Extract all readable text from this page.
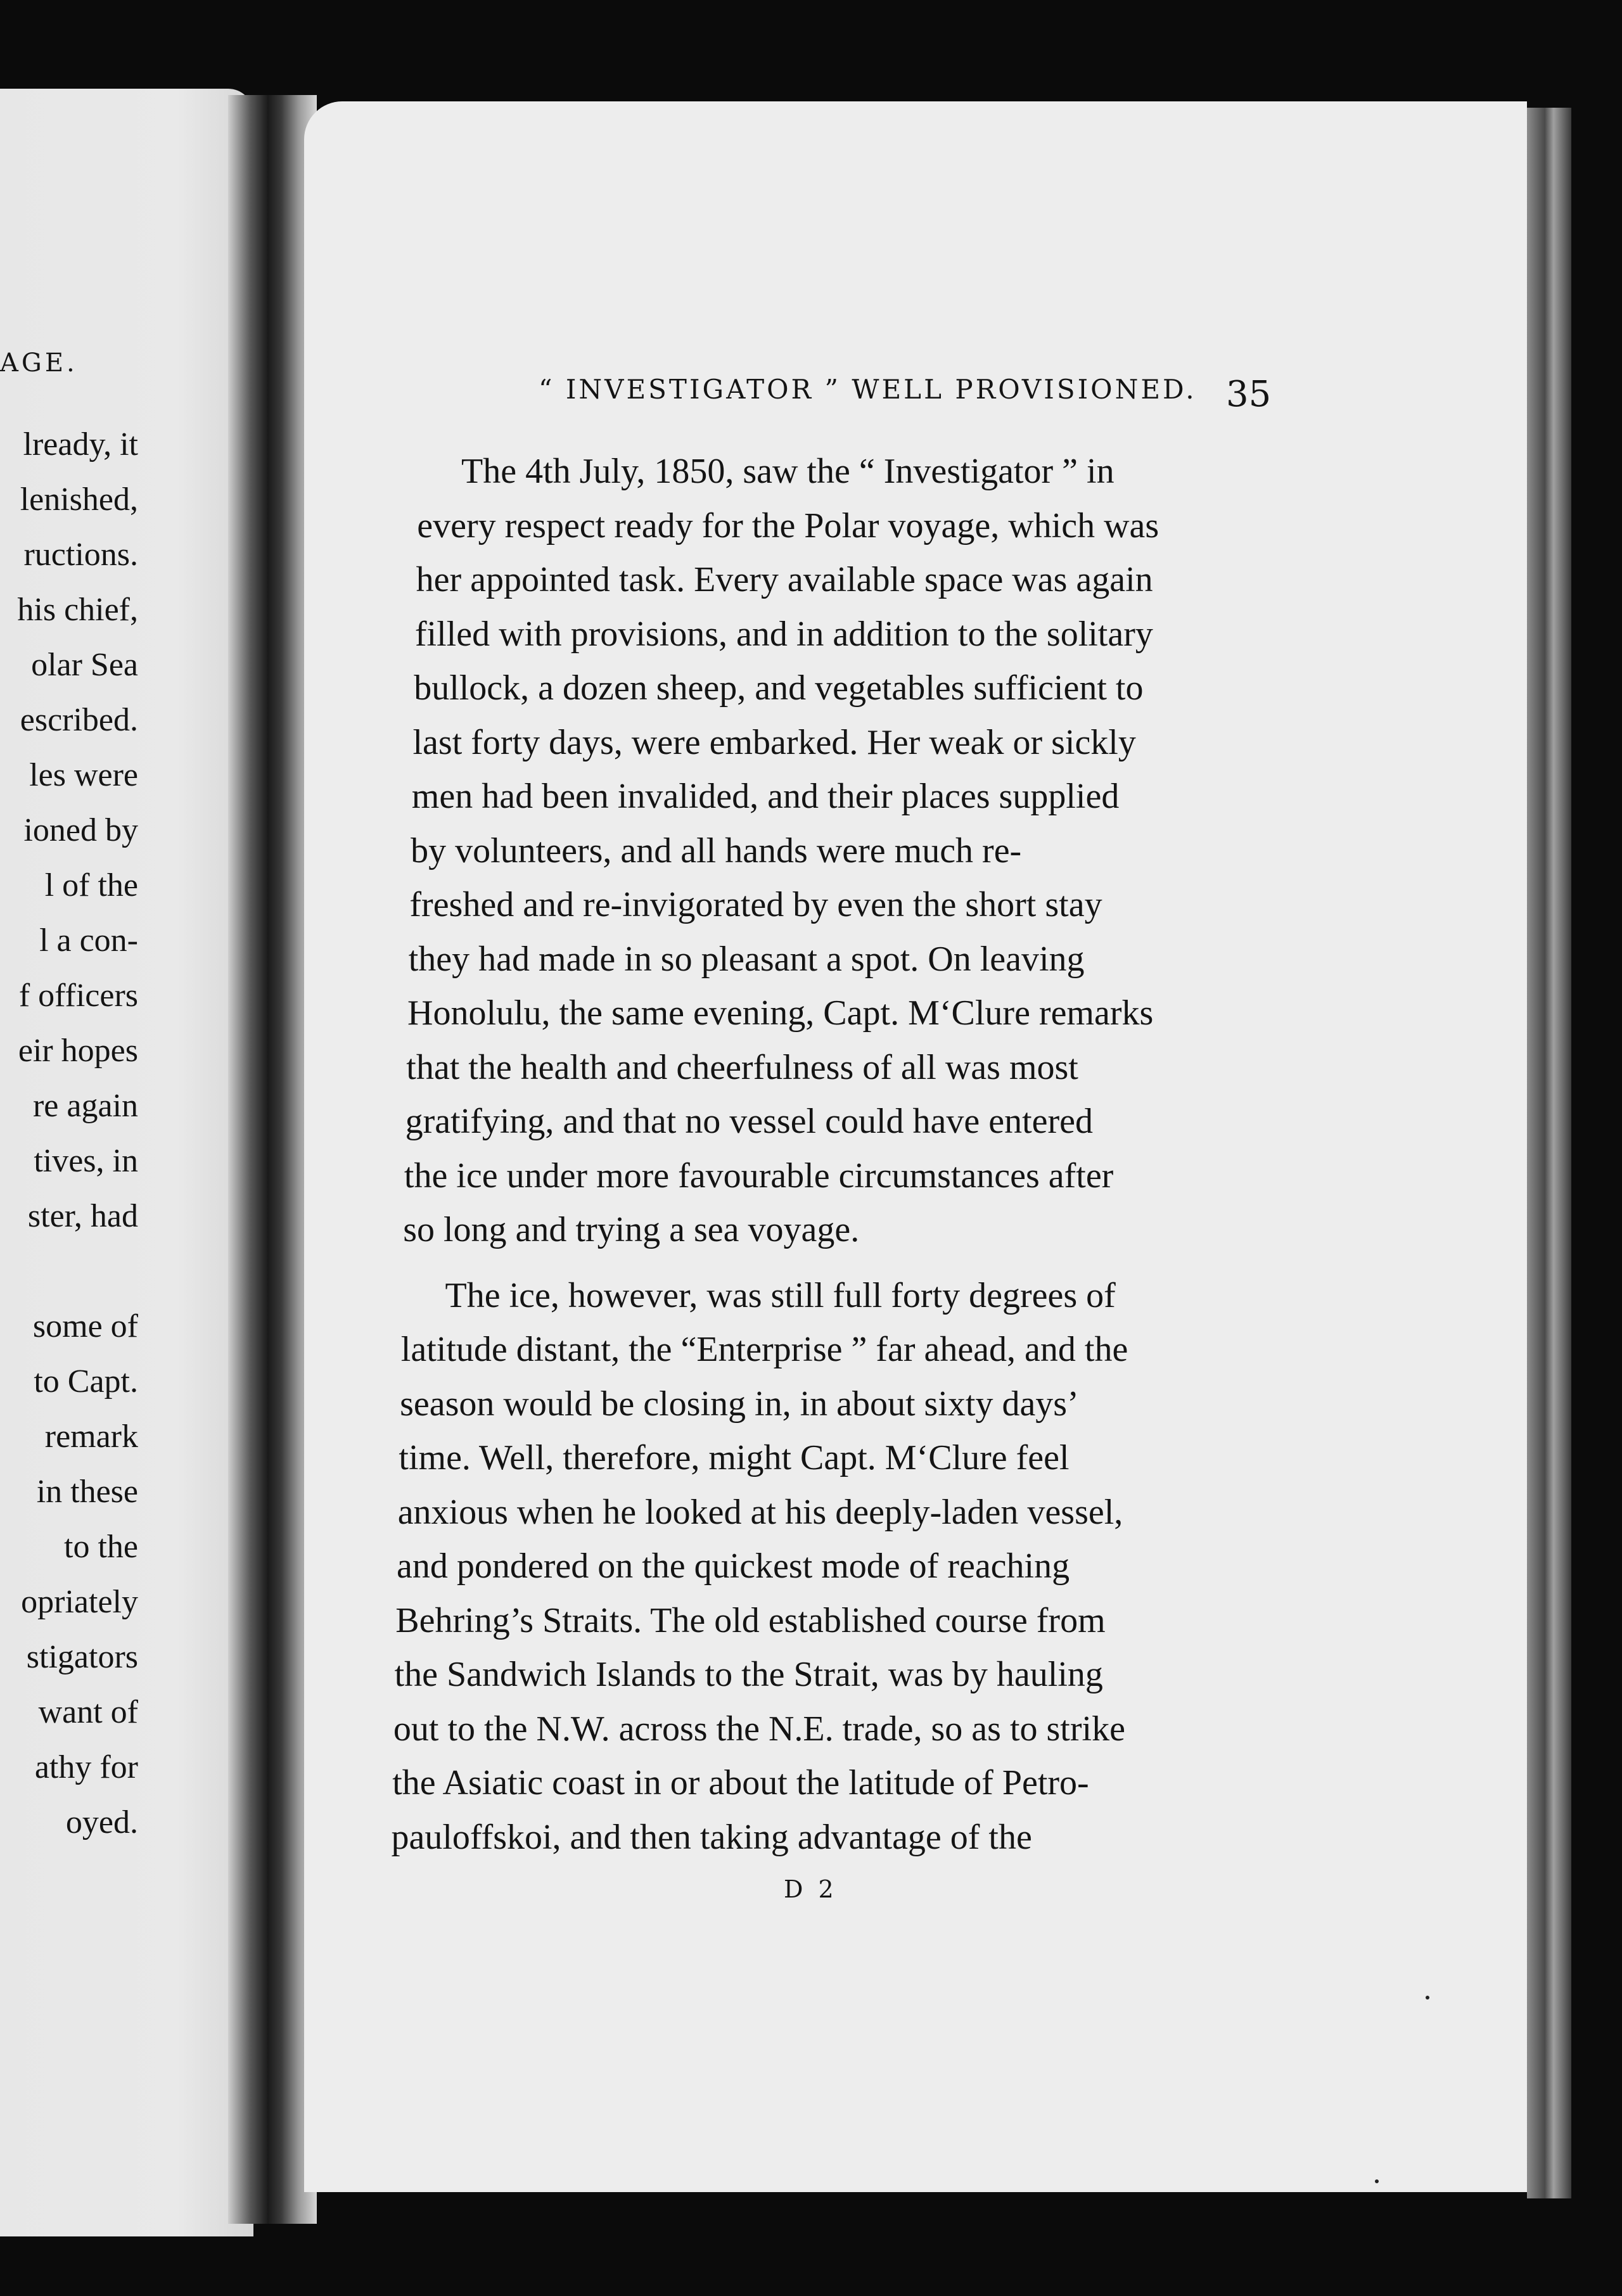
AGE.
lready, it
lenished,
ructions.
his chief,
olar Sea
escribed.
les were
ioned by
l of the
l a con-
f officers
eir hopes
re again
tives, in
ster, had
some of
to Capt.
remark
in these
to the
opriately
stigators
want of
athy for
oyed.
“ INVESTIGATOR ” WELL PROVISIONED. 35
The 4th July, 1850, saw the “ Investigator ” in
every respect ready for the Polar voyage, which was
her appointed task. Every available space was again
filled with provisions, and in addition to the solitary
bullock, a dozen sheep, and vegetables sufficient to
last forty days, were embarked. Her weak or sickly
men had been invalided, and their places supplied
by volunteers, and all hands were much re-
freshed and re-invigorated by even the short stay
they had made in so pleasant a spot. On leaving
Honolulu, the same evening, Capt. M‘Clure remarks
that the health and cheerfulness of all was most
gratifying, and that no vessel could have entered
the ice under more favourable circumstances after
so long and trying a sea voyage.
The ice, however, was still full forty degrees of
latitude distant, the “Enterprise ” far ahead, and the
season would be closing in, in about sixty days’
time. Well, therefore, might Capt. M‘Clure feel
anxious when he looked at his deeply-laden vessel,
and pondered on the quickest mode of reaching
Behring’s Straits. The old established course from
the Sandwich Islands to the Strait, was by hauling
out to the N.W. across the N.E. trade, so as to strike
the Asiatic coast in or about the latitude of Petro-
pauloffskoi, and then taking advantage of the
D 2
